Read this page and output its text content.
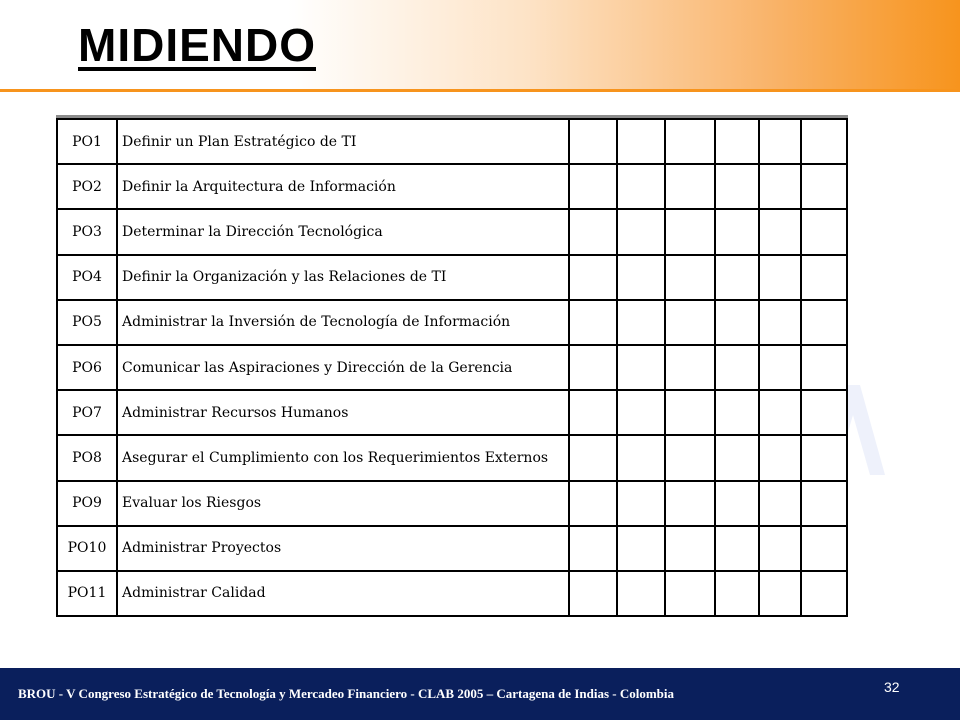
MIDIENDO
PO1	Definir un Plan Estratégico de TI						
PO2	Definir la Arquitectura de Información						
PO3	Determinar la Dirección Tecnológica						
PO4	Definir la Organización y las Relaciones de TI						
PO5	Administrar la Inversión de Tecnología de Información						
PO6	Comunicar las Aspiraciones y Dirección de la Gerencia						
PO7	Administrar Recursos Humanos						
PO8	Asegurar el Cumplimiento con los Requerimientos Externos						
PO9	Evaluar los Riesgos						
PO10	Administrar Proyectos						
PO11	Administrar Calidad						
BROU - V Congreso Estratégico de Tecnología y Mercadeo Financiero - CLAB 2005 – Cartagena de Indias - Colombia	32
